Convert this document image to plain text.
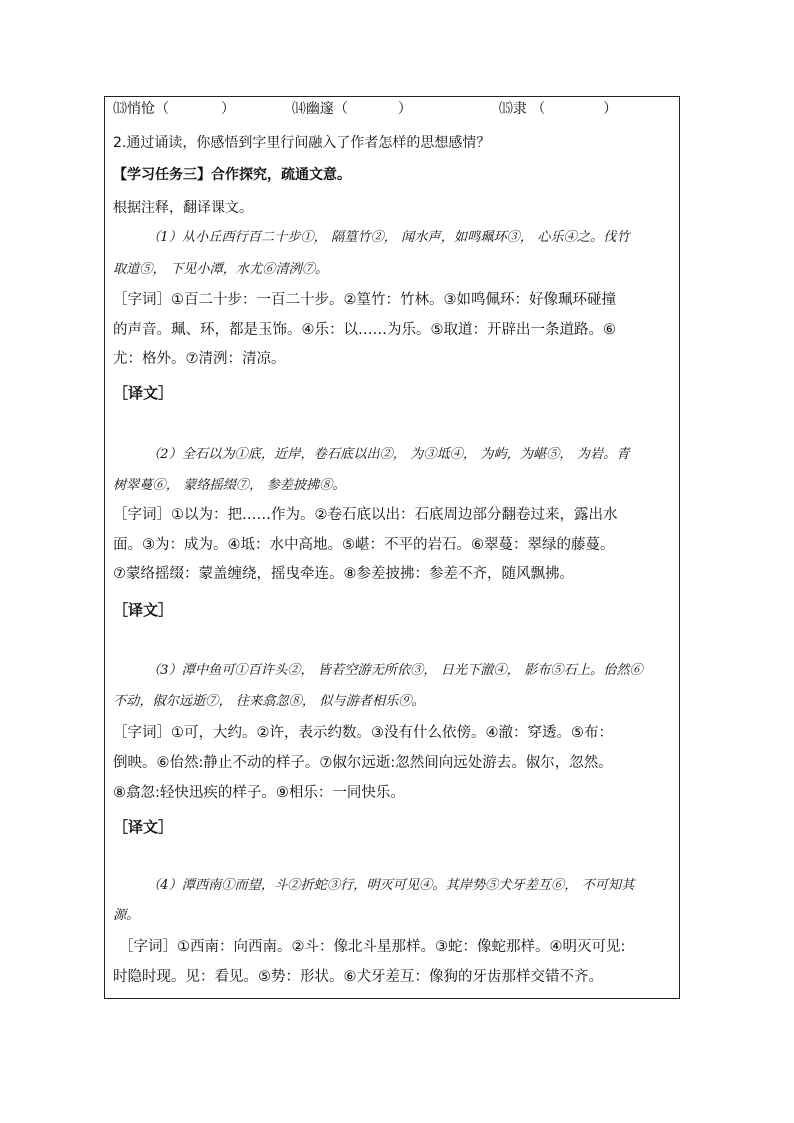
⒀悄怆（	）	⒁幽邃（	）	⒂隶 （	）
2.通过诵读，你感悟到字里行间融入了作者怎样的思想感情？
【学习任务三】合作探究，疏通文意。
根据注释，翻译课文。
（1）从小丘西行百二十步①， 隔篁竹②， 闻水声，如鸣珮环③， 心乐④之。伐竹
取道⑤， 下见小潭，水尤⑥清洌⑦。
［字词］①百二十步：一百二十步。②篁竹：竹林。③如鸣佩环：好像珮环碰撞
的声音。珮、环，都是玉饰。④乐：以……为乐。⑤取道：开辟出一条道路。⑥
尤：格外。⑦清洌：清凉。
［译文］
（2）全石以为①底，近岸，卷石底以出②， 为③坻④， 为屿，为嵁⑤， 为岩。青
树翠蔓⑥， 蒙络摇缀⑦， 参差披拂⑧。
［字词］①以为：把……作为。②卷石底以出：石底周边部分翻卷过来，露出水
面。③为：成为。④坻：水中高地。⑤嵁：不平的岩石。⑥翠蔓：翠绿的藤蔓。
⑦蒙络摇缀：蒙盖缠绕，摇曳牵连。⑧参差披拂：参差不齐，随风飘拂。
［译文］
（3）潭中鱼可①百许头②， 皆若空游无所依③， 日光下澈④， 影布⑤石上。佁然⑥
不动，俶尔远逝⑦， 往来翕忽⑧， 似与游者相乐⑨。
［字词］①可，大约。②许，表示约数。③没有什么依傍。④澈：穿透。⑤布：
倒映。⑥佁然:静止不动的样子。⑦俶尔远逝:忽然间向远处游去。俶尔，忽然。
⑧翕忽:轻快迅疾的样子。⑨相乐：一同快乐。
［译文］
（4）潭西南①而望，斗②折蛇③行，明灭可见④。其岸势⑤犬牙差互⑥， 不可知其
源。
［字词］①西南：向西南。②斗：像北斗星那样。③蛇：像蛇那样。④明灭可见:
时隐时现。见：看见。⑤势：形状。⑥犬牙差互：像狗的牙齿那样交错不齐。
